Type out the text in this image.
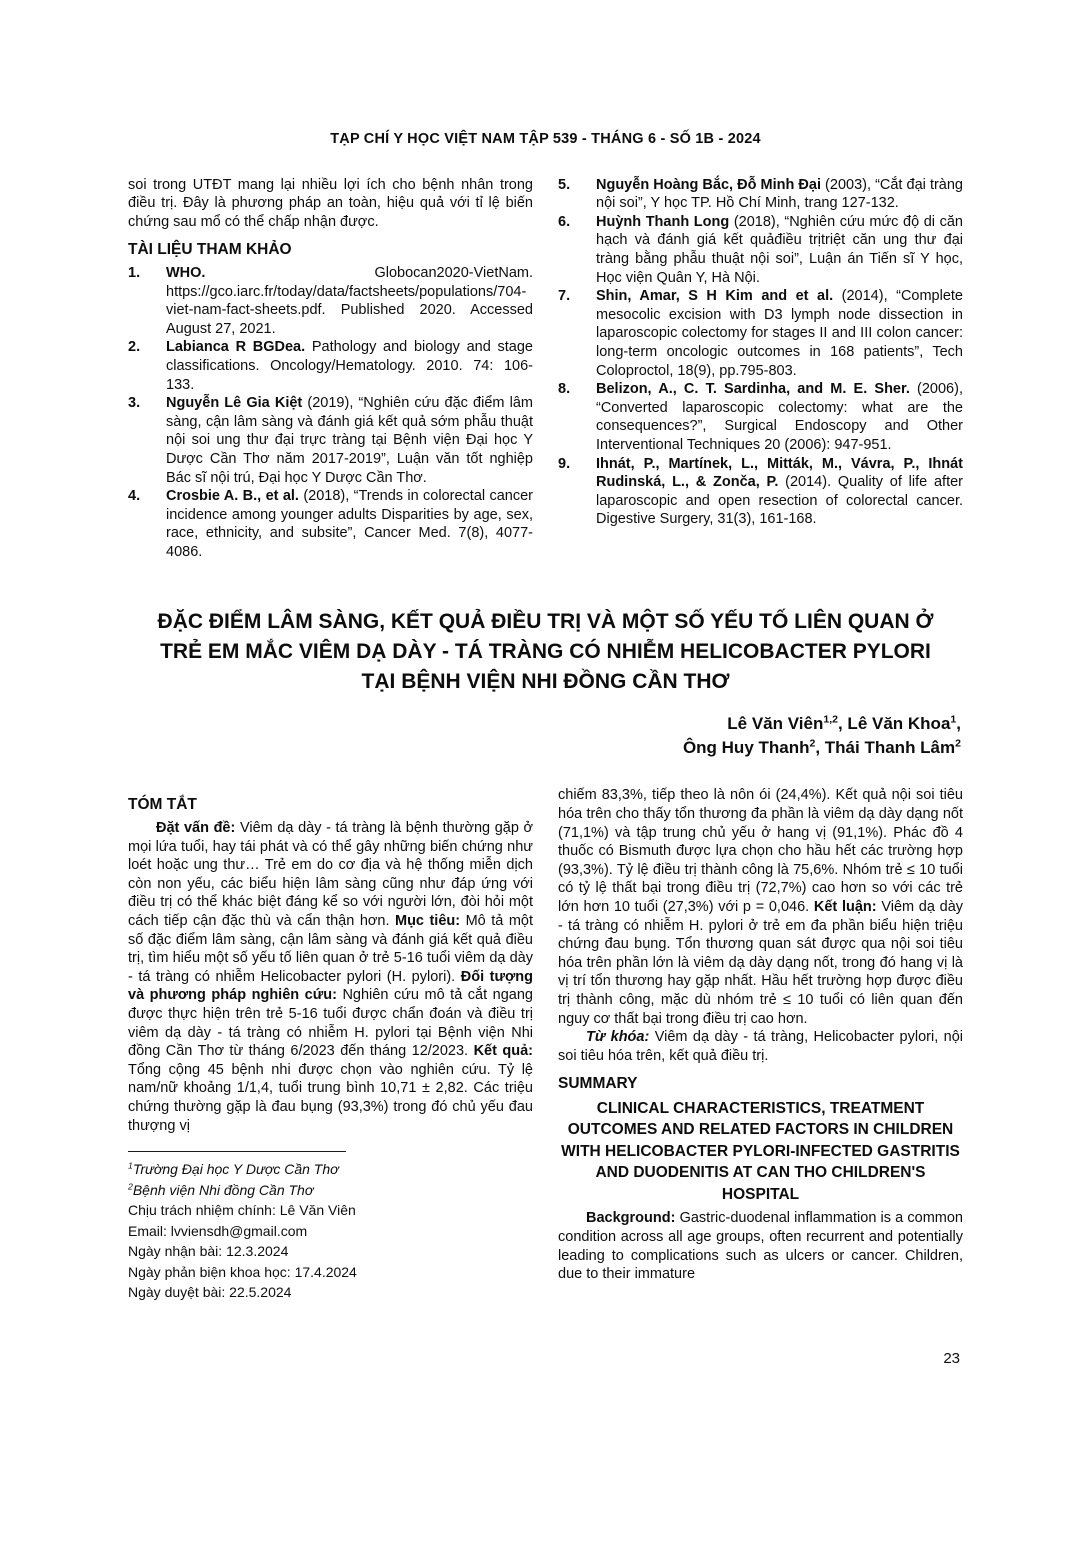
TẠP CHÍ Y HỌC VIỆT NAM TẬP 539 - THÁNG 6 - SỐ 1B - 2024

soi trong UTĐT mang lại nhiều lợi ích cho bệnh nhân trong điều trị. Đây là phương pháp an toàn, hiệu quả với tỉ lệ biến chứng sau mổ có thể chấp nhận được.

TÀI LIỆU THAM KHẢO
1. WHO. Globocan2020-VietNam. https://gco.iarc.fr/today/data/factsheets/populations/704-viet-nam-fact-sheets.pdf. Published 2020. Accessed August 27, 2021.
2. Labianca R BGDea. Pathology and biology and stage classifications. Oncology/Hematology. 2010. 74: 106-133.
3. Nguyễn Lê Gia Kiệt (2019), “Nghiên cứu đặc điểm lâm sàng, cận lâm sàng và đánh giá kết quả sớm phẫu thuật nội soi ung thư đại trực tràng tại Bệnh viện Đại học Y Dược Cần Thơ năm 2017-2019”, Luận văn tốt nghiệp Bác sĩ nội trú, Đại học Y Dược Cần Thơ.
4. Crosbie A. B., et al. (2018), “Trends in colorectal cancer incidence among younger adults Disparities by age, sex, race, ethnicity, and subsite”, Cancer Med. 7(8), 4077-4086.
5. Nguyễn Hoàng Bắc, Đỗ Minh Đại (2003), “Cắt đại tràng nội soi”, Y học TP. Hồ Chí Minh, trang 127-132.
6. Huỳnh Thanh Long (2018), “Nghiên cứu mức độ di căn hạch và đánh giá kết quảđiều trịtriệt căn ung thư đại tràng bằng phẫu thuật nội soi”, Luận án Tiến sĩ Y học, Học viện Quân Y, Hà Nội.
7. Shin, Amar, S H Kim and et al. (2014), “Complete mesocolic excision with D3 lymph node dissection in laparoscopic colectomy for stages II and III colon cancer: long-term oncologic outcomes in 168 patients”, Tech Coloproctol, 18(9), pp.795-803.
8. Belizon, A., C. T. Sardinha, and M. E. Sher. (2006), “Converted laparoscopic colectomy: what are the consequences?”, Surgical Endoscopy and Other Interventional Techniques 20 (2006): 947-951.
9. Ihnát, P., Martínek, L., Mitták, M., Vávra, P., Ihnát Rudinská, L., & Zonča, P. (2014). Quality of life after laparoscopic and open resection of colorectal cancer. Digestive Surgery, 31(3), 161-168.
ĐẶC ĐIỂM LÂM SÀNG, KẾT QUẢ ĐIỀU TRỊ VÀ MỘT SỐ YẾU TỐ LIÊN QUAN Ở TRẺ EM MẮC VIÊM DẠ DÀY - TÁ TRÀNG CÓ NHIỄM HELICOBACTER PYLORI TẠI BỆNH VIỆN NHI ĐỒNG CẦN THƠ
Lê Văn Viên$^{1,2}$, Lê Văn Khoa$^1$,
Ông Huy Thanh$^2$, Thái Thanh Lâm$^2$
TÓM TẮT

Đặt vấn đề: Viêm dạ dày - tá tràng là bệnh thường gặp ở mọi lứa tuổi, hay tái phát và có thể gây những biến chứng như loét hoặc ung thư… Trẻ em do cơ địa và hệ thống miễn dịch còn non yếu, các biểu hiện lâm sàng cũng như đáp ứng với điều trị có thể khác biệt đáng kể so với người lớn, đòi hỏi một cách tiếp cận đặc thù và cẩn thận hơn. Mục tiêu: Mô tả một số đặc điểm lâm sàng, cận lâm sàng và đánh giá kết quả điều trị, tìm hiểu một số yếu tố liên quan ở trẻ 5-16 tuổi viêm dạ dày - tá tràng có nhiễm Helicobacter pylori (H. pylori). Đối tượng và phương pháp nghiên cứu: Nghiên cứu mô tả cắt ngang được thực hiện trên trẻ 5-16 tuổi được chẩn đoán và điều trị viêm dạ dày - tá tràng có nhiễm H. pylori tại Bệnh viện Nhi đồng Cần Thơ từ tháng 6/2023 đến tháng 12/2023. Kết quả: Tổng cộng 45 bệnh nhi được chọn vào nghiên cứu. Tỷ lệ nam/nữ khoảng 1/1,4, tuổi trung bình 10,71 ± 2,82. Các triệu chứng thường gặp là đau bụng (93,3%) trong đó chủ yếu đau thượng vị

$^1$Trường Đại học Y Dược Cần Thơ
$^2$Bệnh viện Nhi đồng Cần Thơ
Chịu trách nhiệm chính: Lê Văn Viên
Email: lvviensdh@gmail.com
Ngày nhận bài: 12.3.2024
Ngày phản biện khoa học: 17.4.2024
Ngày duyệt bài: 22.5.2024

chiếm 83,3%, tiếp theo là nôn ói (24,4%). Kết quả nội soi tiêu hóa trên cho thấy tổn thương đa phần là viêm dạ dày dạng nốt (71,1%) và tập trung chủ yếu ở hang vị (91,1%). Phác đồ 4 thuốc có Bismuth được lựa chọn cho hầu hết các trường hợp (93,3%). Tỷ lệ điều trị thành công là 75,6%. Nhóm trẻ ≤ 10 tuổi có tỷ lệ thất bại trong điều trị (72,7%) cao hơn so với các trẻ lớn hơn 10 tuổi (27,3%) với p = 0,046. Kết luận: Viêm dạ dày - tá tràng có nhiễm H. pylori ở trẻ em đa phần biểu hiện triệu chứng đau bụng. Tổn thương quan sát được qua nội soi tiêu hóa trên phần lớn là viêm dạ dày dạng nốt, trong đó hang vị là vị trí tổn thương hay gặp nhất. Hầu hết trường hợp được điều trị thành công, mặc dù nhóm trẻ ≤ 10 tuổi có liên quan đến nguy cơ thất bại trong điều trị cao hơn.

Từ khóa: Viêm dạ dày - tá tràng, Helicobacter pylori, nội soi tiêu hóa trên, kết quả điều trị.

SUMMARY
CLINICAL CHARACTERISTICS, TREATMENT OUTCOMES AND RELATED FACTORS IN CHILDREN WITH HELICOBACTER PYLORI-INFECTED GASTRITIS AND DUODENITIS AT CAN THO CHILDREN'S HOSPITAL

Background: Gastric-duodenal inflammation is a common condition across all age groups, often recurrent and potentially leading to complications such as ulcers or cancer. Children, due to their immature

23
